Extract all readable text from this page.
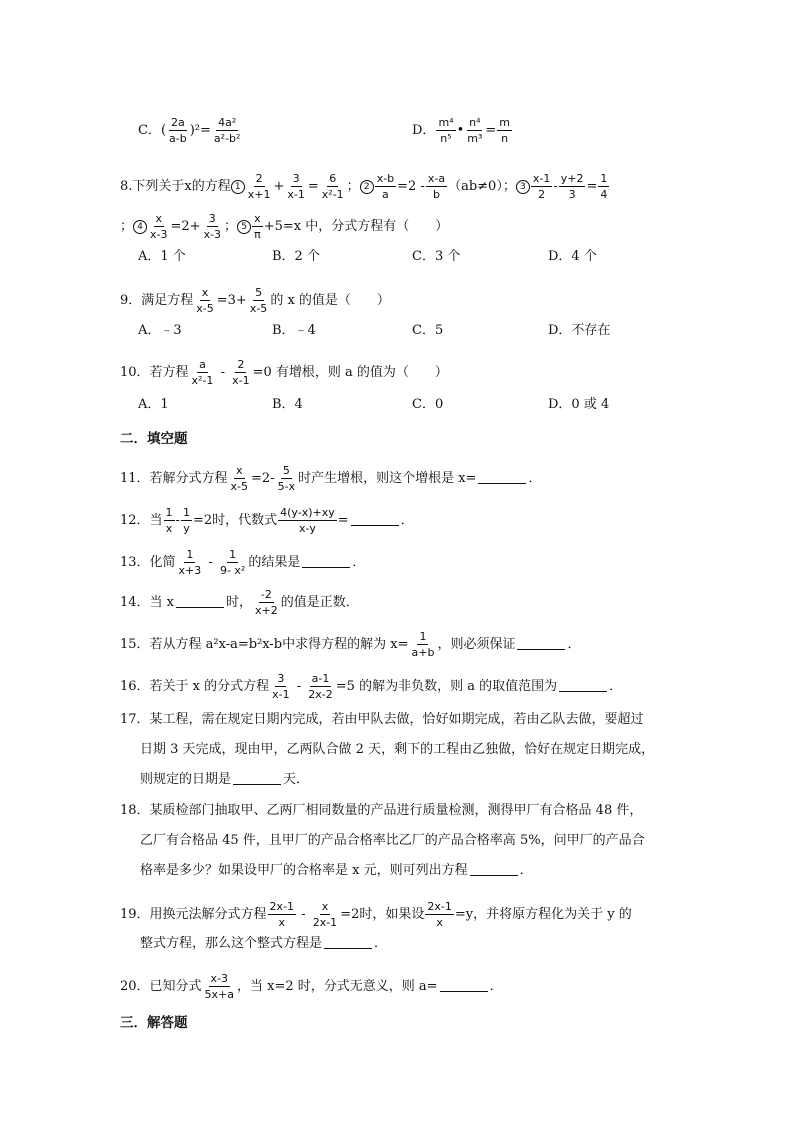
C．( $\frac{2a}{a-b} )^2= \frac{\text{4a²}}{\text{a²-b²}}$	D． $\frac{\text{m⁴}}{\text{n⁵}}$ • $\frac{\text{n⁴}}{\text{m³}} = \frac{m}{n}$
8.下列关于x的方程 $1 \frac{2}{x+1} + \frac{3}{x-1} = \frac{6}{\text{x²-1}}$ ； $2 \frac{x-b}{a} =2 - \frac{x-a}{b} (ab\ne 0)$； $3 \frac{x-1}{2} - \frac{y+2}{3} = \frac{1}{4}$
； $4 \frac{x}{x-3} =2+ \frac{3}{x-3}$ ； $5 \frac{x}{\pi} +5=x$ 中，分式方程有（　　）
A．1 个	B．2 个	C．3 个	D．4 个
9．满足方程 $\frac{x}{x-5} =3+ \frac{5}{x-5}$ 的 x 的值是（　　）
A．﹣3	B．﹣4	C．5	D．不存在
10．若方程 $\frac{a}{\text{x²-1}} - \frac{2}{x-1} =0$ 有增根，则 a 的值为（　　）
A．1	B．4	C．0	D．0 或 4
二．填空题
11．若解分式方程 $\frac{x}{x-5} =2- \frac{5}{5-x}$ 时产生增根，则这个增根是 x=	．
12．当 $\frac{1}{x} - \frac{1}{y} =2$时，代数式 $\frac{4(y-x)+xy}{x-y}$ =	．
13．化简 $\frac{1}{x+3} - \frac{1}{\text{9- x²}}$ 的结果是	．
14．当 x	时， $\frac{-2}{x+2}$ 的值是正数．
15．若从方程 a²x-a=b²x-b中求得方程的解为 $x= \frac{1}{a+b}$ ，则必须保证	．
16．若关于 x 的分式方程 $\frac{3}{x-1} - \frac{a-1}{2x-2} =5$ 的解为非负数，则 a 的取值范围为	．
17．某工程，需在规定日期内完成，若由甲队去做，恰好如期完成，若由乙队去做，要超过
日期 3 天完成，现由甲，乙两队合做 2 天，剩下的工程由乙独做，恰好在规定日期完成，
则规定的日期是	天．
18．某质检部门抽取甲、乙两厂相同数量的产品进行质量检测，测得甲厂有合格品 48 件，
乙厂有合格品 45 件，且甲厂的产品合格率比乙厂的产品合格率高 5%，问甲厂的产品合
格率是多少？如果设甲厂的合格率是 x 元，则可列出方程	．
19．用换元法解分式方程 $\frac{2x-1}{x} - \frac{x}{2x-1} =2$时，如果设 $\frac{2x-1}{x} =y$，并将原方程化为关于 y 的
整式方程，那么这个整式方程是	．
20．已知分式 $\frac{x-3}{5x+a}$ ，当 x=2 时，分式无意义，则 a=	．
三．解答题
